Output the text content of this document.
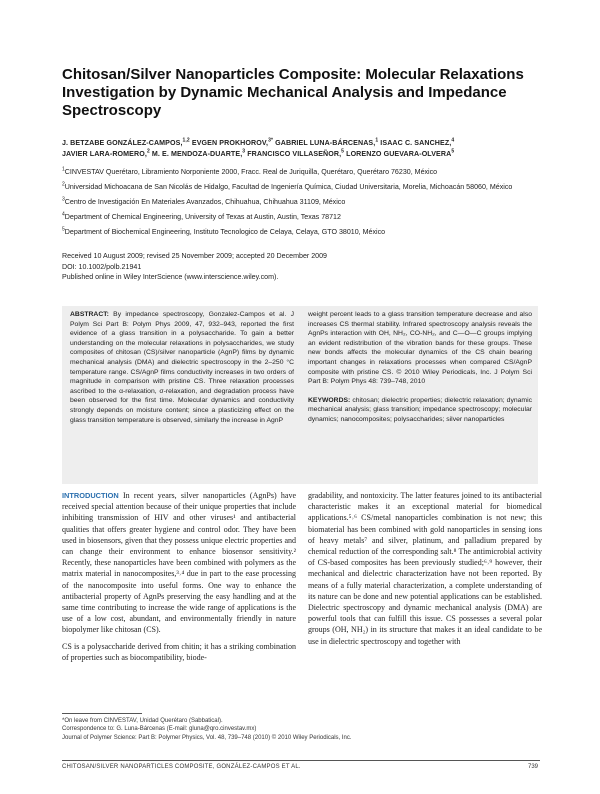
Chitosan/Silver Nanoparticles Composite: Molecular Relaxations Investigation by Dynamic Mechanical Analysis and Impedance Spectroscopy
J. BETZABE GONZÁLEZ-CAMPOS,$^{1,2}$ EVGEN PROKHOROV,$^{3*}$ GABRIEL LUNA-BÁRCENAS,$^1$ ISAAC C. SANCHEZ,$^4$
JAVIER LARA-ROMERO,$^2$ M. E. MENDOZA-DUARTE,$^3$ FRANCISCO VILLASEÑOR,$^5$ LORENZO GUEVARA-OLVERA$^5$
$^1$CINVESTAV Querétaro, Libramiento Norponiente 2000, Fracc. Real de Juriquilla, Querétaro, Querétaro 76230, México
$^2$Universidad Michoacana de San Nicolás de Hidalgo, Facultad de Ingeniería Química, Ciudad Universitaria, Morelia, Michoacán 58060, México
$^3$Centro de Investigación En Materiales Avanzados, Chihuahua, Chihuahua 31109, México
$^4$Department of Chemical Engineering, University of Texas at Austin, Austin, Texas 78712
$^5$Department of Biochemical Engineering, Instituto Tecnologico de Celaya, Celaya, GTO 38010, México
Received 10 August 2009; revised 25 November 2009; accepted 20 December 2009
DOI: 10.1002/polb.21941
Published online in Wiley InterScience (www.interscience.wiley.com).
ABSTRACT: By impedance spectroscopy, Gonzalez-Campos et al. J Polym Sci Part B: Polym Phys 2009, 47, 932–943, reported the first evidence of a glass transition in a polysaccharide. To gain a better understanding on the molecular relaxations in polysaccharides, we study composites of chitosan (CS)/silver nanoparticle (AgnP) films by dynamic mechanical analysis (DMA) and dielectric spectroscopy in the 2–250 °C temperature range. CS/AgnP films conductivity increases in two orders of magnitude in comparison with pristine CS. Three relaxation processes ascribed to the α-relaxation, σ-relaxation, and degradation process have been observed for the first time. Molecular dynamics and conductivity strongly depends on moisture content; since a plasticizing effect on the glass transition temperature is observed, similarly the increase in AgnP
weight percent leads to a glass transition temperature decrease and also increases CS thermal stability. Infrared spectroscopy analysis reveals the AgnPs interaction with OH, NH₂, CO-NH₂, and C—O—C groups implying an evident redistribution of the vibration bands for these groups. These new bonds affects the molecular dynamics of the CS chain bearing important changes in relaxations processes when compared CS/AgnP composite with pristine CS. © 2010 Wiley Periodicals, Inc. J Polym Sci Part B: Polym Phys 48: 739–748, 2010
KEYWORDS: chitosan; dielectric properties; dielectric relaxation; dynamic mechanical analysis; glass transition; impedance spectroscopy; molecular dynamics; nanocomposites; polysaccharides; silver nanoparticles
INTRODUCTION In recent years, silver nanoparticles (AgnPs) have received special attention because of their unique properties that include inhibiting transmission of HIV and other viruses¹ and antibacterial qualities that offers greater hygiene and control odor. They have been used in biosensors, given that they possess unique electric properties and can change their environment to enhance biosensor sensitivity.² Recently, these nanoparticles have been combined with polymers as the matrix material in nanocomposites,³˒⁴ due in part to the ease processing of the nanocomposite into useful forms. One way to enhance the antibacterial property of AgnPs preserving the easy handling and at the same time contributing to increase the wide range of applications is the use of a low cost, abundant, and environmentally friendly in nature biopolymer like chitosan (CS).
CS is a polysaccharide derived from chitin; it has a striking combination of properties such as biocompatibility, biode-
gradability, and nontoxicity. The latter features joined to its antibacterial characteristic makes it an exceptional material for biomedical applications.⁵˒⁶ CS/metal nanoparticles combination is not new; this biomaterial has been combined with gold nanoparticles in sensing ions of heavy metals⁷ and silver, platinum, and palladium prepared by chemical reduction of the corresponding salt.⁸ The antimicrobial activity of CS-based composites has been previously studied;⁶˒⁹ however, their mechanical and dielectric characterization have not been reported. By means of a fully material characterization, a complete understanding of its nature can be done and new potential applications can be established. Dielectric spectroscopy and dynamic mechanical analysis (DMA) are powerful tools that can fulfill this issue. CS possesses a several polar groups (OH, NH₂) in its structure that makes it an ideal candidate to be use in dielectric spectroscopy and together with
*On leave from CINVESTAV, Unidad Querétaro (Sabbatical).
Correspondence to: G. Luna-Bárcenas (E-mail: gluna@qro.cinvestav.mx)
Journal of Polymer Science: Part B: Polymer Physics, Vol. 48, 739–748 (2010) © 2010 Wiley Periodicals, Inc.
CHITOSAN/SILVER NANOPARTICLES COMPOSITE, GONZÁLEZ-CAMPOS ET AL.	739
